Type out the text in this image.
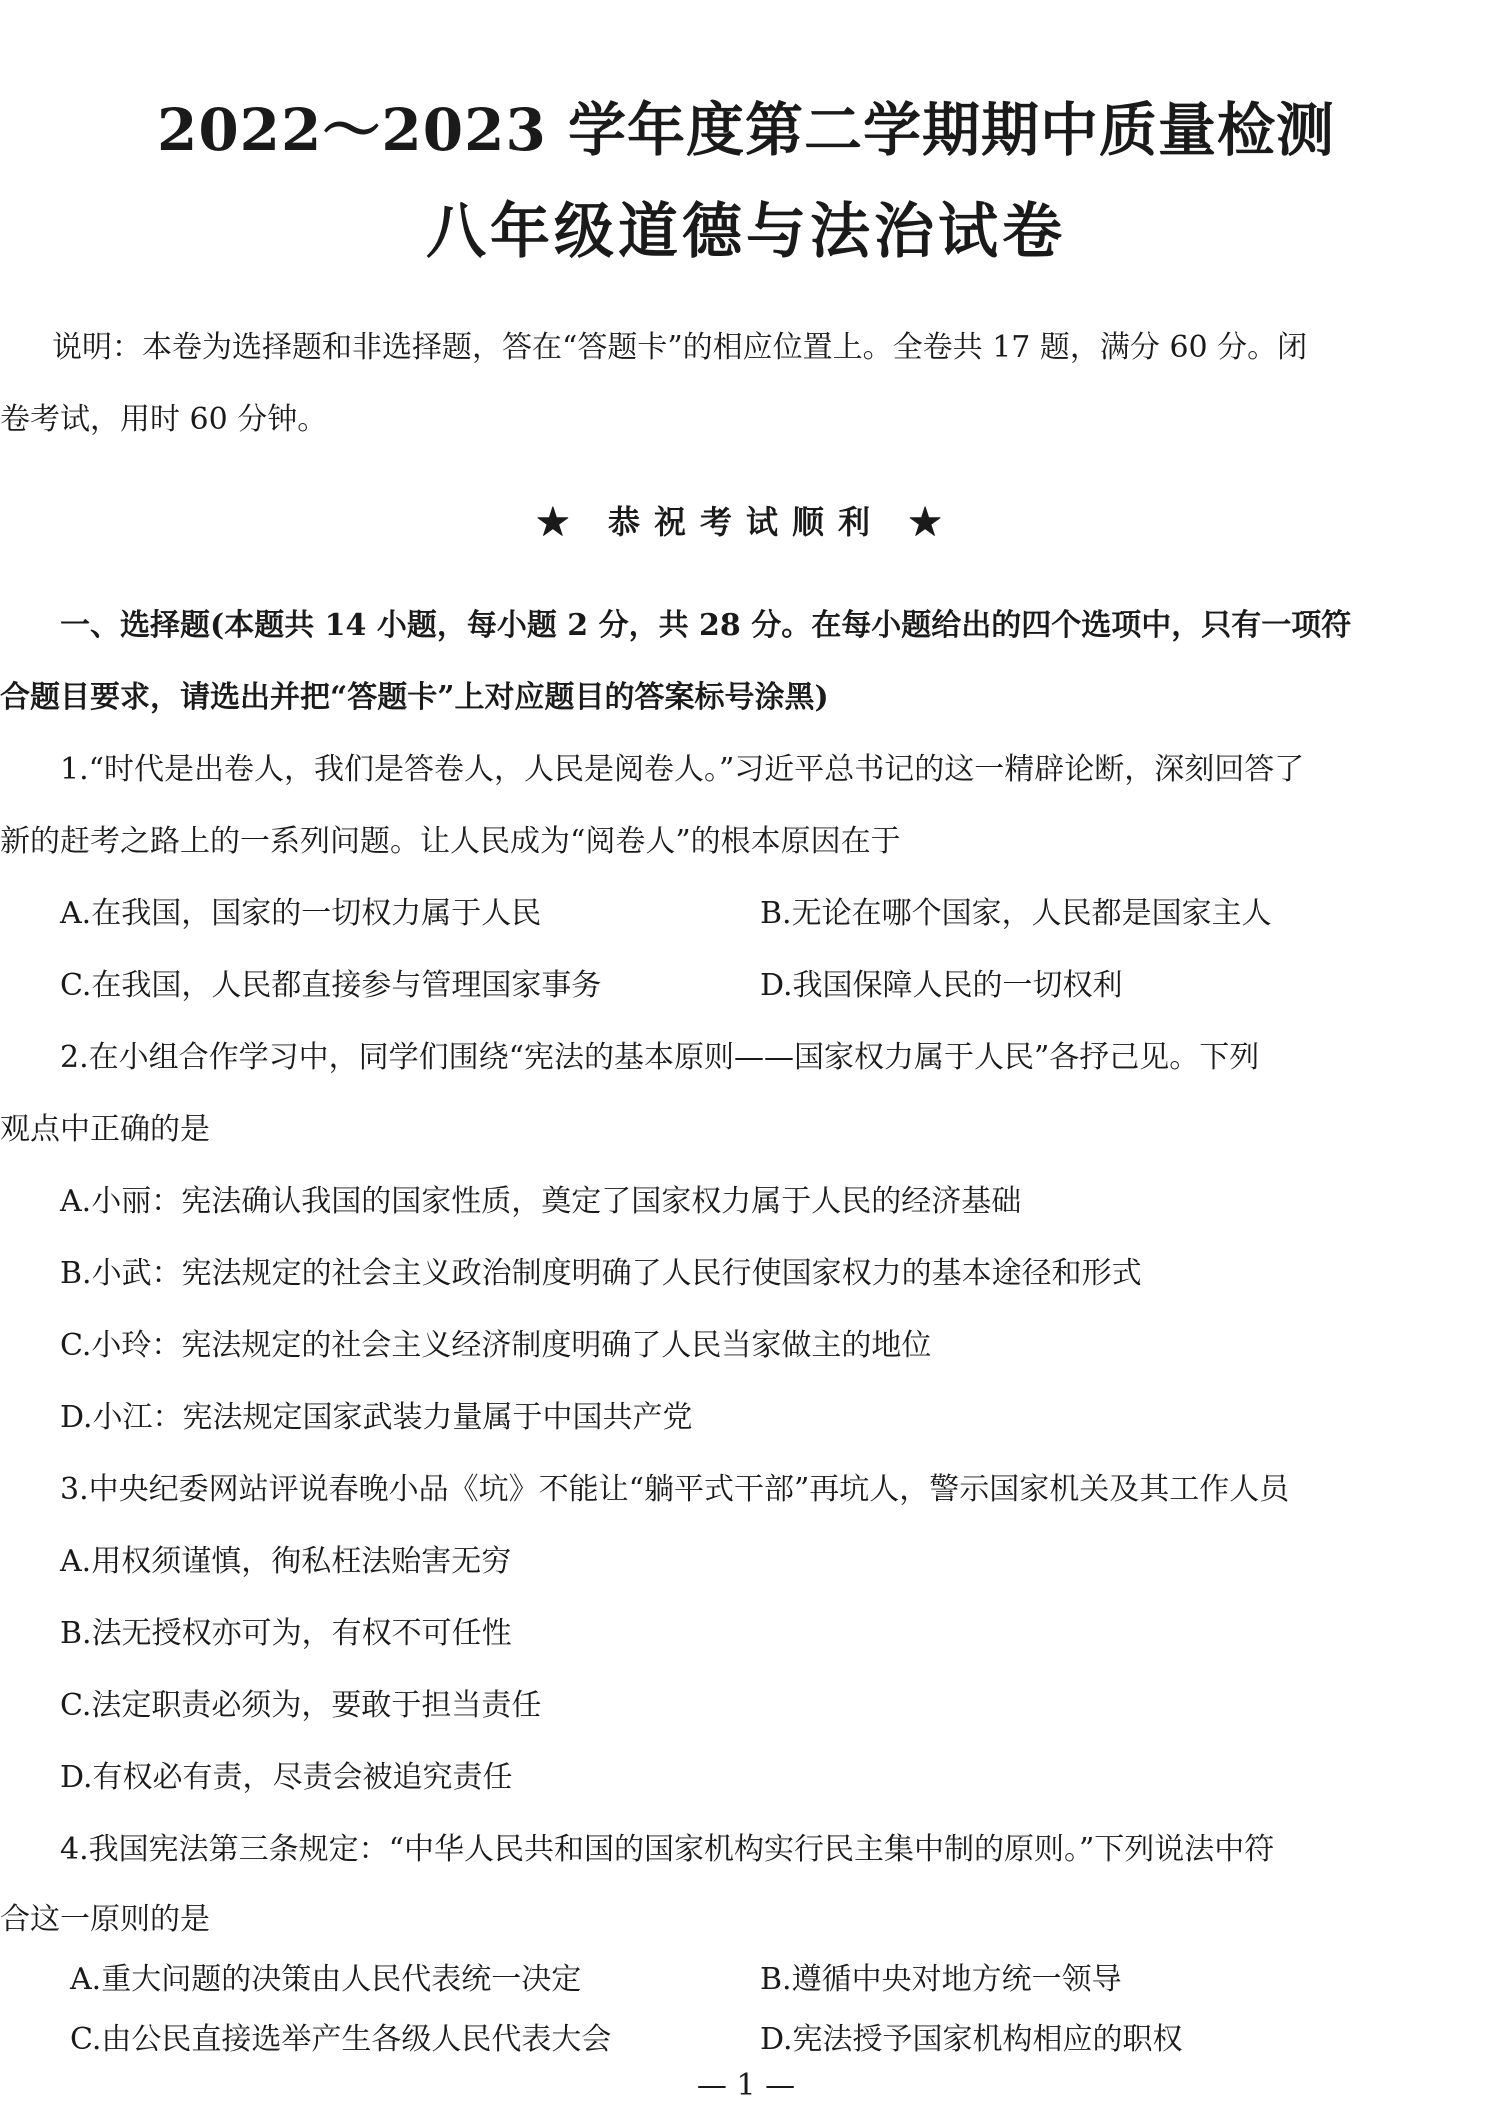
2022～2023 学年度第二学期期中质量检测
八年级道德与法治试卷
说明：本卷为选择题和非选择题，答在“答题卡”的相应位置上。全卷共 17 题，满分 60 分。闭
卷考试，用时 60 分钟。
★ 恭祝考试顺利 ★
一、选择题(本题共 14 小题，每小题 2 分，共 28 分。在每小题给出的四个选项中，只有一项符
合题目要求，请选出并把“答题卡”上对应题目的答案标号涂黑)
1.“时代是出卷人，我们是答卷人，人民是阅卷人。”习近平总书记的这一精辟论断，深刻回答了
新的赶考之路上的一系列问题。让人民成为“阅卷人”的根本原因在于
A.在我国，国家的一切权力属于人民	B.无论在哪个国家，人民都是国家主人
C.在我国，人民都直接参与管理国家事务	D.我国保障人民的一切权利
2.在小组合作学习中，同学们围绕“宪法的基本原则——国家权力属于人民”各抒己见。下列
观点中正确的是
A.小丽：宪法确认我国的国家性质，奠定了国家权力属于人民的经济基础
B.小武：宪法规定的社会主义政治制度明确了人民行使国家权力的基本途径和形式
C.小玲：宪法规定的社会主义经济制度明确了人民当家做主的地位
D.小江：宪法规定国家武装力量属于中国共产党
3.中央纪委网站评说春晚小品《坑》不能让“躺平式干部”再坑人，警示国家机关及其工作人员
A.用权须谨慎，徇私枉法贻害无穷
B.法无授权亦可为，有权不可任性
C.法定职责必须为，要敢于担当责任
D.有权必有责，尽责会被追究责任
4.我国宪法第三条规定：“中华人民共和国的国家机构实行民主集中制的原则。”下列说法中符
合这一原则的是
A.重大问题的决策由人民代表统一决定	B.遵循中央对地方统一领导
C.由公民直接选举产生各级人民代表大会	D.宪法授予国家机构相应的职权
— 1 —
